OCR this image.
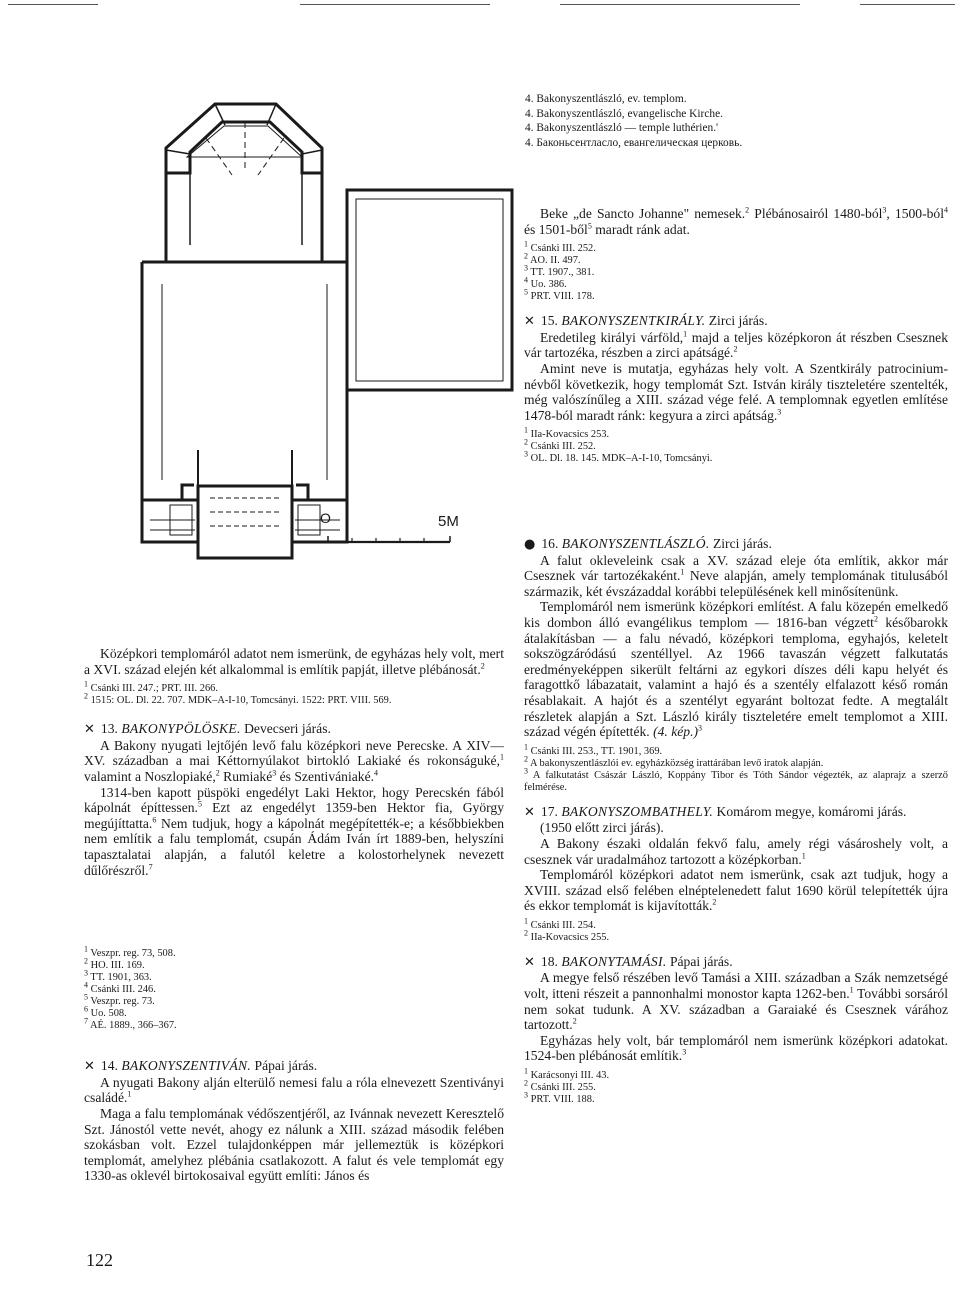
O	5M
4. Bakonyszentlászló, ev. templom.
4. Bakonyszentlászló, evangelische Kirche.
4. Bakonyszentlászló — temple luthérien.'
4. Баконьсентласло, евангелическая церковь.

Beke „de Sancto Johanne" nemesek.$^2$ Plébánosairól 1480-ból$^3$, 1500-ból$^4$ és 1501-ből$^5$ maradt ránk adat.

$^1$ Csánki III. 252.

$^2$ AO. II. 497.

$^3$ TT. 1907., 381.

$^4$ Uo. 386.

$^5$ PRT. VIII. 178.

✕ 15. BAKONYSZENTKIRÁLY. Zirci járás.

Eredetileg királyi várföld,$^1$ majd a teljes középkoron át részben Csesznek vár tartozéka, részben a zirci apátságé.$^2$

Amint neve is mutatja, egyházas hely volt. A Szentkirály patrocinium-névből következik, hogy templomát Szt. István király tiszteletére szentelték, még valószínűleg a XIII. század vége felé. A templomnak egyetlen említése 1478-ból maradt ránk: kegyura a zirci apátság.$^3$

$^1$ IIa-Kovacsics 253.

$^2$ Csánki III. 252.

$^3$ OL. Dl. 18. 145. MDK–A-I-10, Tomcsányi.

● 16. BAKONYSZENTLÁSZLÓ. Zirci járás.

A falut okleveleink csak a XV. század eleje óta említik, akkor már Csesznek vár tartozékaként.$^1$ Neve alapján, amely templomának titulusából származik, két évszázaddal korábbi településének kell minősítenünk.

Templomáról nem ismerünk középkori említést. A falu közepén emelkedő kis dombon álló evangélikus templom — 1816-ban végzett$^2$ későbarokk átalakításban — a falu névadó, középkori temploma, egyhajós, keletelt sokszögzáródású szentéllyel. Az 1966 tavaszán végzett falkutatás eredményeképpen sikerült feltárni az egykori díszes déli kapu helyét és faragottkő lábazatait, valamint a hajó és a szentély elfalazott késő román résablakait. A hajót és a szentélyt egyaránt boltozat fedte. A megtalált részletek alapján a Szt. László király tiszteletére emelt templomot a XIII. század végén építették. (4. kép.)$^3$

$^1$ Csánki III. 253., TT. 1901, 369.

$^2$ A bakonyszentlászlói ev. egyházközség irattárában levő iratok alapján.

$^3$ A falkutatást Császár László, Koppány Tibor és Tóth Sándor végezték, az alaprajz a szerző felmérése.

✕ 17. BAKONYSZOMBATHELY. Komárom megye, komáromi járás.

(1950 előtt zirci járás).

A Bakony északi oldalán fekvő falu, amely régi vásároshely volt, a csesznek vár uradalmához tartozott a középkorban.$^1$

Templomáról középkori adatot nem ismerünk, csak azt tudjuk, hogy a XVIII. század első felében elnéptelenedett falut 1690 körül telepítették újra és ekkor templomát is kijavították.$^2$

$^1$ Csánki III. 254.

$^2$ IIa-Kovacsics 255.

✕ 18. BAKONYTAMÁSI. Pápai járás.

A megye felső részében levő Tamási a XIII. században a Szák nemzetségé volt, itteni részeit a pannonhalmi monostor kapta 1262-ben.$^1$ További sorsáról nem sokat tudunk. A XV. században a Garaiaké és Csesznek várához tartozott.$^2$

Egyházas hely volt, bár templomáról nem ismerünk középkori adatokat. 1524-ben plébánosát említik.$^3$

$^1$ Karácsonyi III. 43.

$^2$ Csánki III. 255.

$^3$ PRT. VIII. 188.

Középkori templomáról adatot nem ismerünk, de egyházas hely volt, mert a XVI. század elején két alkalommal is említik papját, illetve plébánosát.$^2$

$^1$ Csánki III. 247.; PRT. III. 266.

$^2$ 1515: OL. Dl. 22. 707. MDK–A-I-10, Tomcsányi. 1522: PRT. VIII. 569.

✕ 13. BAKONYPÖLÖSKE. Devecseri járás.

A Bakony nyugati lejtőjén levő falu középkori neve Perecske. A XIV—XV. században a mai Kéttornyúlakot birtokló Lakiaké és rokonságuké,$^1$ valamint a Noszlopiaké,$^2$ Rumiaké$^3$ és Szentivániaké.$^4$

1314-ben kapott püspöki engedélyt Laki Hektor, hogy Perecskén fából kápolnát építtessen.$^5$ Ezt az engedélyt 1359-ben Hektor fia, György megújíttatta.$^6$ Nem tudjuk, hogy a kápolnát megépítették-e; a későbbiekben nem említik a falu templomát, csupán Ádám Iván írt 1889-ben, helyszíni tapasztalatai alapján, a falutól keletre a kolostorhelynek nevezett dűlőrészről.$^7$

$^1$ Veszpr. reg. 73, 508.

$^2$ HO. III. 169.

$^3$ TT. 1901, 363.

$^4$ Csánki III. 246.

$^5$ Veszpr. reg. 73.

$^6$ Uo. 508.

$^7$ AÉ. 1889., 366–367.

✕ 14. BAKONYSZENTIVÁN. Pápai járás.

A nyugati Bakony alján elterülő nemesi falu a róla elnevezett Szentiványi családé.$^1$

Maga a falu templomának védőszentjéről, az Ivánnak nevezett Keresztelő Szt. Jánostól vette nevét, ahogy ez nálunk a XIII. század második felében szokásban volt. Ezzel tulajdonképpen már jellemeztük is középkori templomát, amelyhez plébánia csatlakozott. A falut és vele templomát egy 1330-as oklevél birtokosaival együtt említi: János és

122
